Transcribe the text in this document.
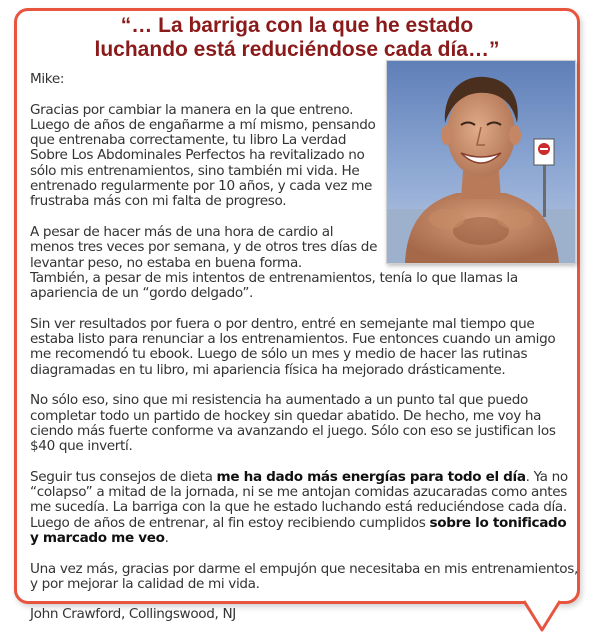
“… La barriga con la que he estado
luchando está reduciéndose cada día…”

Mike:

Gracias por cambiar la manera en la que entreno. Luego de años de engañarme a mí mismo, pensando que entrenaba correctamente, tu libro La verdad Sobre Los Abdominales Perfectos ha revitalizado no sólo mis entrenamientos, sino también mi vida. He entrenado regularmente por 10 años, y cada vez me frustraba más con mi falta de progreso.

A pesar de hacer más de una hora de cardio al menos tres veces por semana, y de otros tres días de levantar peso, no estaba en buena forma.
También, a pesar de mis intentos de entrenamientos, tenía lo que llamas la apariencia de un “gordo delgado”.

Sin ver resultados por fuera o por dentro, entré en semejante mal tiempo que estaba listo para renunciar a los entrenamientos. Fue entonces cuando un amigo me recomendó tu ebook. Luego de sólo un mes y medio de hacer las rutinas diagramadas en tu libro, mi apariencia física ha mejorado drásticamente.

No sólo eso, sino que mi resistencia ha aumentado a un punto tal que puedo completar todo un partido de hockey sin quedar abatido. De hecho, me voy ha ciendo más fuerte conforme va avanzando el juego. Sólo con eso se justifican los $40 que invertí.

Seguir tus consejos de dieta me ha dado más energías para todo el día. Ya no “colapso” a mitad de la jornada, ni se me antojan comidas azucaradas como antes me sucedía. La barriga con la que he estado luchando está reduciéndose cada día. Luego de años de entrenar, al fin estoy recibiendo cumplidos sobre lo tonificado y marcado me veo.

Una vez más, gracias por darme el empujón que necesitaba en mis entrenamientos, y por mejorar la calidad de mi vida.

John Crawford, Collingswood, NJ
